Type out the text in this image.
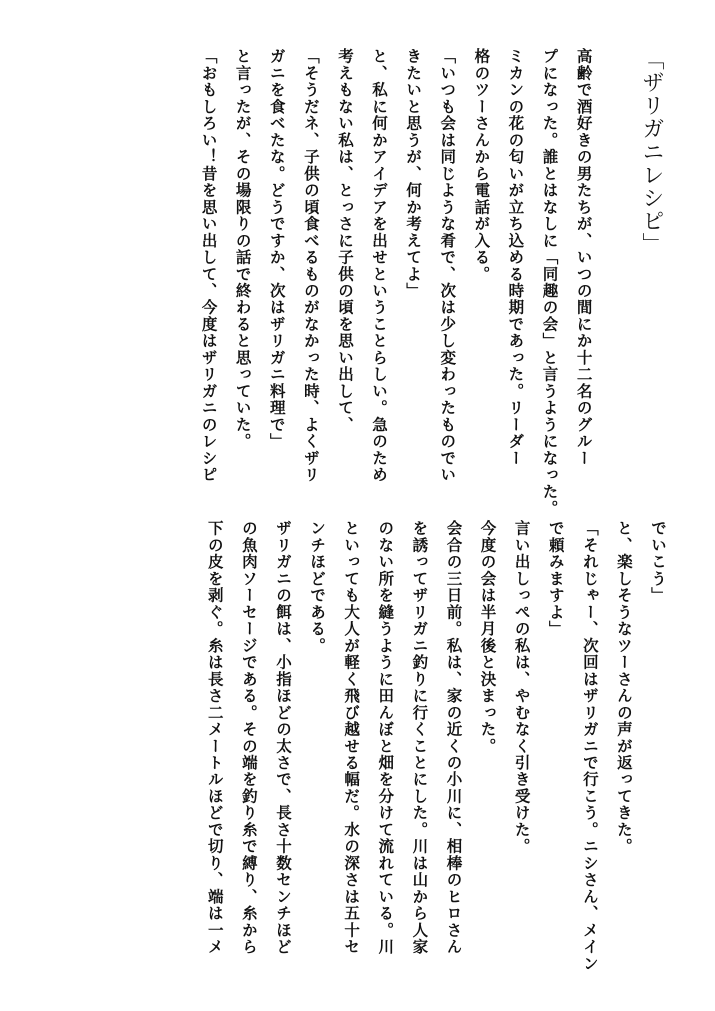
「ザリガニレシピ」
高齢で酒好きの男たちが、いつの間にか十二名のグルー
プになった。誰とはなしに「同趣の会」と言うようになった。
ミカンの花の匂いが立ち込める時期であった。リーダー
格のツーさんから電話が入る。
「いつも会は同じような肴で、次は少し変わったものでい
きたいと思うが、何か考えてよ」
と、私に何かアイデアを出せということらしい。急のため
考えもない私は、とっさに子供の頃を思い出して、
「そうだネ、子供の頃食べるものがなかった時、よくザリ
ガニを食べたな。どうですか、次はザリガニ料理で」
と言ったが、その場限りの話で終わると思っていた。
「おもしろい！昔を思い出して、今度はザリガニのレシピ
でいこう」
と、楽しそうなツーさんの声が返ってきた。
「それじゃー、次回はザリガニで行こう。ニシさん、メイン
で頼みますよ」
言い出しっぺの私は、やむなく引き受けた。
今度の会は半月後と決まった。
会合の三日前。私は、家の近くの小川に、相棒のヒロさん
を誘ってザリガニ釣りに行くことにした。川は山から人家
のない所を縫うように田んぼと畑を分けて流れている。川
といっても大人が軽く飛び越せる幅だ。水の深さは五十セ
ンチほどである。
ザリガニの餌は、小指ほどの太さで、長さ十数センチほど
の魚肉ソーセージである。その端を釣り糸で縛り、糸から
下の皮を剥ぐ。糸は長さ二メートルほどで切り、端は一メ
